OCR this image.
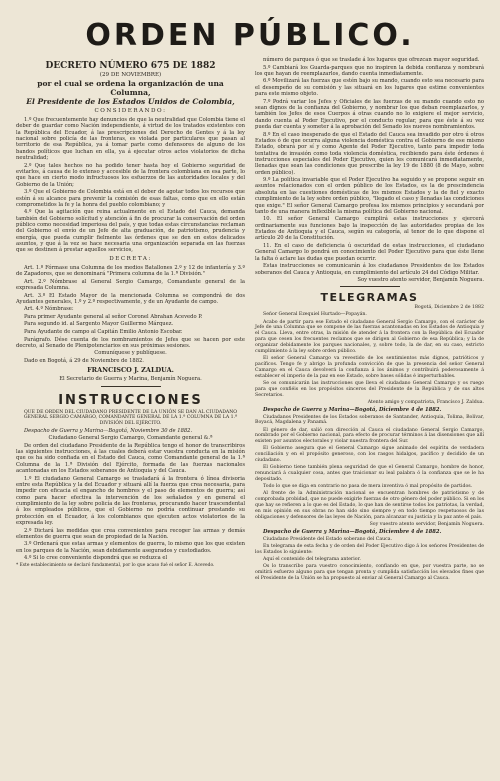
ORDEN PÚBLICO.
DECRETO NÚMERO 675 DE 1882
(29 DE NOVIEMBRE)
por el cual se ordena la organización de una Columna,
El Presidente de los Estados Unidos de Colombia,
CONSIDERANDO:

1.º Que frecuentemente hay denuncios de que la neutralidad que Colombia tiene el deber de guardar como Nación independiente, á virtud de los tratados existentes con la República del Ecuador, á las prescripciones del Derecho de Gentes y á la ley nacional sobre policía de las fronteras, es violada por particulares que pasan al territorio de esa República, ya á tomar parte como defensores de alguno de los bandos políticos que luchan en ella, ya á ejecutar otros actos violatorios de dicha neutralidad;

2.º Que tales hechos no ha podido tener hasta hoy el Gobierno seguridad de evitarlos, á causa de lo extenso y accesible de la frontera colombiana en esa parte, lo que hace en cierto modo infructuosos los esfuerzos de las autoridades locales y del Gobierno de la Unión;

3.º Que el Gobierno de Colombia está en el deber de agotar todos los recursos que estén á su alcance para prevenir la comisión de esas faltas, como que en ello están comprometidos la fe y la honra del pueblo colombiano; y

4.º Que la agitación que reina actualmente en el Estado del Cauca, demanda también del Gobierno solícitud y atención á fin de procurar la conservación del orden público como necesidad imperiosa del país, y que todas estas circunstancias reclaman del Gobierno el envío de un Jefe de alta graduación, de patriotismo, prudencia y energía, que pueda cumplir fielmente las órdenes que se den en estos delicados asuntos, y que á la vez se hace necesaria una organización separada en las fuerzas que se destinen á prestar aquellos servicios,

DECRETA:

Art. 1.º Fórmase una Columna de los medios Batallones 2.º y 12 de infantería y 3.º de Zapadores, que se denominará "Primera columna de la 1.ª División."

Art. 2.º Nómbrase al General Sergio Camargo, Comandante general de la expresada Columna.

Art. 3.º El Estado Mayor de la mencionada Columna se compondrá de dos Ayudantes generales, 1.º y 2.º respectivamente, y de un Ayudante de campo.

Art. 4.º Nómbrase:

Para primer Ayudante general al señor Coronel Abrahan Acevedo P.

Para segundo id. al Sargento Mayor Guillermo Márquez.

Para Ayudante de campo al Capitán Emilio Antonio Escobar.

Parágrafo. Dése cuenta de los nombramientos de Jefes que se hacen por este decreto, al Senado de Plenipotenciarios en sus próximas sesiones.

Comuníquese y publíquese.

Dado en Bogotá, á 29 de Noviembre de 1882.

FRANCISCO J. ZALDUA.

El Secretario de Guerra y Marina, Benjamín Noguera.

INSTRUCCIONES

QUE DE ORDEN DEL CIUDADANO PRESIDENTE DE LA UNIÓN SE DAN AL CIUDADANO GENERAL SERGIO CAMARGO, COMANDANTE GENERAL DE LA 1.ª COLUMNA DE LA 1.ª DIVISIÓN DEL EJÉRCITO.

Despacho de Guerra y Marina—Bogotá, Noviembre 30 de 1882.

Ciudadano General Sergio Camargo, Comandante general &.ª

De orden del ciudadano Presidente de la República tengo el honor de transcribiros las siguientes instrucciones, á las cuales deberá estar vuestra conducta en la misión que os ha sido confiada en el Estado del Cauca, como Comandante general de la 1.ª Columna de la 1.ª División del Ejército, formada de las fuerzas nacionales acantonadas en los Estados soberanos de Antioquia y del Cauca.

1.º El ciudadano General Camargo se trasladará á la frontera ó línea divisoria entre esta República y la del Ecuador y situará allí la fuerza que crea necesaria, para impedir con eficacia el engancho de hombres y el paso de elementos de guerra; así como para hacer efectiva la intervención de los señalados y en general el cumplimiento de la ley sobre policía de las fronteras, procurando hacer trascendental á los empleados públicos, que el Gobierno no podría continuar prestando su protección en el Ecuador, á los colombianos que ejecuten actos violatorios de la expresada ley.

2.º Dictará las medidas que crea convenientes para recoger las armas y demás elementos de guerra que sean de propiedad de la Nación.

3.º Ordenará que estas armas y elementos de guerra, lo mismo que los que existen en los parques de la Nación, sean debidamente asegurados y custodiados.

4.º Si lo cree conveniente dispondrá que se reduzca el

* Este establecimiento se declaró fundamental, por lo que acaso fué el señor E. Acevedo.

número de parques ó que se traslade á los lugares que ofrezcan mayor seguridad.

5.º Cambiará los Guarda-parques que no inspiren la debida confianza y nombrará los que hayan de reemplazarlos, dando cuenta inmediatamente.

6.º Movilizará las fuerzas que estén bajo su mando, cuando esto sea necesario para el desempeño de su comisión y las situará en los lugares que estime convenientes para este mismo objeto.

7.º Podrá variar los Jefes y Oficiales de las fuerzas de su mando cuando esto no sean dignos de la confianza del Gobierno, y nombrar los que deban reemplazarlos, y también los Jefes de esos Cuerpos á otras cuando no lo exigiere el mejor servicio, dando cuenta al Poder Ejecutivo, por el conducto regular, para que éste á su vez pueda dar cuenta y someter á la aprobación del Senado los nuevos nombramientos.

8.º En el caso inesperado de que el Estado del Cauca sea invadido por otro ú otros Estados ó de que ocurra alguna violencia doméstica contra el Gobierno de ese mismo Estado, obrará por sí y como Agente del Poder Ejecutivo, tanto para impedir toda tentativa de invasión como toda violencia doméstica, recibiendo para éste órdenes é instrucciones especiales del Poder Ejecutivo, quien les comunicará inmediatamente, llenadas que sean las condiciones que prescribe la ley 19 de 1880 (8 de Mayo, sobre orden público).

9.º La política invariable que el Poder Ejecutivo ha seguido y se propone seguir en asuntos relacionados con el orden público de los Estados, es la de prescindencia absoluta en las cuestiones domésticas de los mismos Estados y la de fiel y exacto cumplimiento de la ley sobre orden público, "llegado el caso y llenadas las condiciones que exige." El señor General Camargo profesa los mismos principios y secundará por tanto de una manera inflexible la misma política del Gobierno nacional.

10. El señor General Camargo cumplirá estas instrucciones y ejercerá ordinariamente sus funciones bajo la inspección de las autoridades propias de los Estados de Antioquia y el Cauca, según su categoría, al tenor de lo que dispone el artículo 20 de la Constitución.

11. En el caso de deficiencia ú oscuridad de estas instrucciones, el ciudadano General Camargo lo pondrá en conocimiento del Poder Ejecutivo para que éste llene la falta ó aclare las dudas que puedan ocurrir.

Estas instrucciones se comunicarán á los ciudadanos Presidentes de los Estados soberanos del Cauca y Antioquia, en cumplimiento del artículo 24 del Código Militar.

Soy vuestro atento servidor, Benjamín Noguera.

TELEGRAMAS

Bogotá, Diciembre 2 de 1882

Señor General Ezequiel Hurtado—Popayán.

Acabo de partir para ese Estado el ciudadano General Sergio Camargo, con el carácter de Jefe de una Columna que se compone de las fuerzas acantonadas en los Estados de Antioquia y el Cauca. Lleva, entre otras, la misión de atender á la frontera con la República del Ecuador para que cesen los frecuentes reclamos que se dirigen al Gobierno de esa República; y la de organizar debidamente los parques nacionales, y, sobre todo, la de dar, en su caso, estricto cumplimiento á la ley sobre orden público.

El señor General Camargo va revestido de los sentimientos más dignos, patrióticos y pacíficos. Tengo fe y abrigo la profunda convicción de que la presencia del señor General Camargo en el Cauca devolverá la confianza á los ánimos y contribuirá poderosamente á establecer el imperio de la paz en ese Estado, sobre bases sólidas é imperturbables.

Se os comunicarán las instrucciones que lleva el ciudadano General Camargo y os ruego para que confiéis en los propósitos sinceros del Presidente de la República y de sus altos Secretarios.

Atento amigo y compatriota, Francisco J. Zaldua.

Despacho de Guerra y Marina—Bogotá, Diciembre 4 de 1882.

Ciudadanos Presidentes de los Estados soberanos de Santander, Antioquia, Tolima, Bolívar, Boyacá, Magdalena y Panamá.

El género de dar, salió con dirección al Cauca el ciudadano General Sergio Camargo, nombrado por el Gobierno nacional, para efecto de procurar términos á las disensiones que allí existen por asuntos electorales y violar nuestra frontera del Sur.

El Gobierno asegura que el General Camargo sigue animado del espíritu de verdadera conciliación y en el propósito generoso, con los rasgos hidalgos, pacífico y decidido de un ciudadano.

El Gobierno tiene también plena seguridad de que el General Camargo, hombre de honor, renunciará á cualquier cosa, antes que traicionar su leal palabra ó la confianza que se le ha depositado.

Todo lo que se diga en contrario no pasa de mera inventiva ó mal propósito de partidos.

Al frente de la Administración nacional se encuentran hombres de patriotismo y de comprobada probidad, que no puede exigirle fuerzas de otro género del poder público. Si en los que hay se refieren a lo que es del Estado, lo que han de sentirse todos los patriotas, la verdad, en mis opinión en sus obras no han sido sino siempre y en todo tiempo respetuosos de las obligaciones y defensores de las leyes de Nación, para alcanzar su justicia y la paz ante el país.

Soy vuestro atento servidor, Benjamín Noguera.

Despacho de Guerra y Marina—Bogotá, Diciembre 4 de 1882.

Ciudadano Presidente del Estado soberano del Cauca.

En telegrama de esta fecha y de orden del Poder Ejecutivo digo á los señores Presidentes de los Estados lo siguiente:

Aquí el contenido del telegrama anterior.

Os lo transcribo para vuestro conocimiento, confiando en que, por vuestra parte, no se omitirá esfuerzo alguno para que tengan pronta y cumplida satisfacción los elevados fines que el Presidente de la Unión se ha propuesto al enviar al General Camargo al Cauca.
